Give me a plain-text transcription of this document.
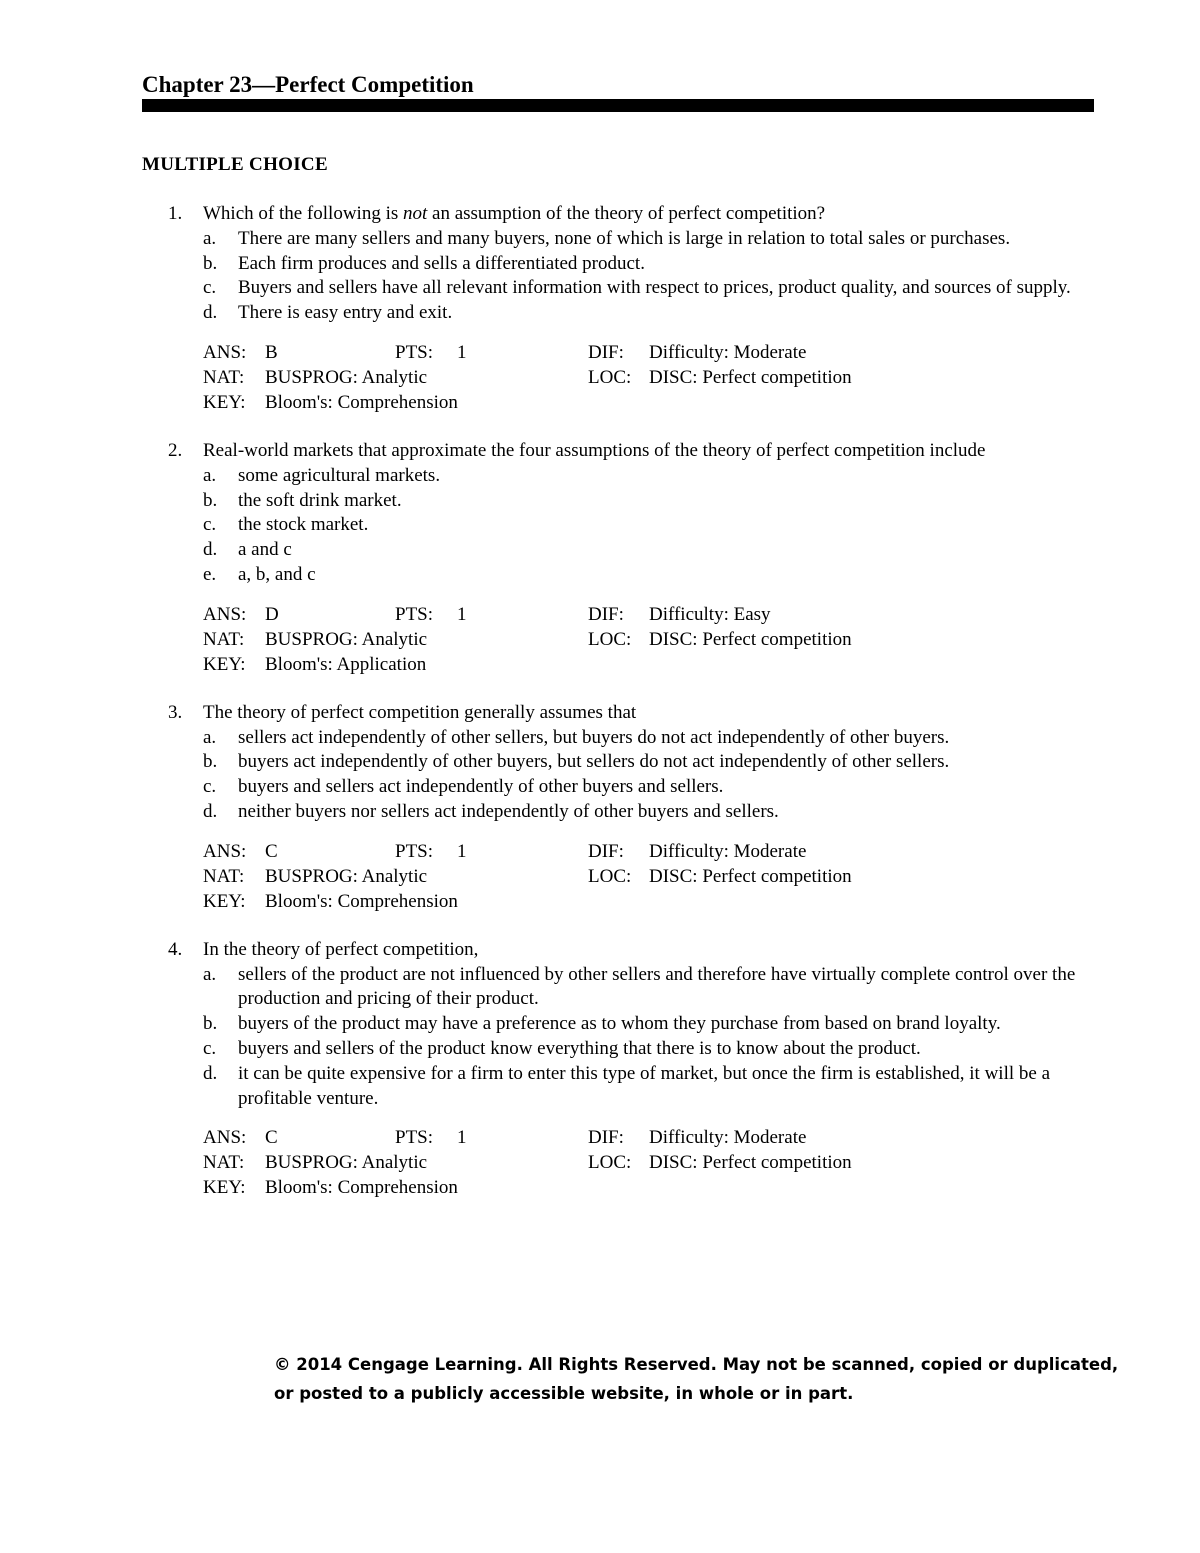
Chapter 23—Perfect Competition
MULTIPLE CHOICE
1. Which of the following is not an assumption of the theory of perfect competition?
a. There are many sellers and many buyers, none of which is large in relation to total sales or purchases.
b. Each firm produces and sells a differentiated product.
c. Buyers and sellers have all relevant information with respect to prices, product quality, and sources of supply.
d. There is easy entry and exit.
ANS: B	PTS: 1	DIF: Difficulty: Moderate
NAT: BUSPROG: Analytic	LOC: DISC: Perfect competition
KEY: Bloom's: Comprehension
2. Real-world markets that approximate the four assumptions of the theory of perfect competition include
a. some agricultural markets.
b. the soft drink market.
c. the stock market.
d. a and c
e. a, b, and c
ANS: D	PTS: 1	DIF: Difficulty: Easy
NAT: BUSPROG: Analytic	LOC: DISC: Perfect competition
KEY: Bloom's: Application
3. The theory of perfect competition generally assumes that
a. sellers act independently of other sellers, but buyers do not act independently of other buyers.
b. buyers act independently of other buyers, but sellers do not act independently of other sellers.
c. buyers and sellers act independently of other buyers and sellers.
d. neither buyers nor sellers act independently of other buyers and sellers.
ANS: C	PTS: 1	DIF: Difficulty: Moderate
NAT: BUSPROG: Analytic	LOC: DISC: Perfect competition
KEY: Bloom's: Comprehension
4. In the theory of perfect competition,
a. sellers of the product are not influenced by other sellers and therefore have virtually complete control over the production and pricing of their product.
b. buyers of the product may have a preference as to whom they purchase from based on brand loyalty.
c. buyers and sellers of the product know everything that there is to know about the product.
d. it can be quite expensive for a firm to enter this type of market, but once the firm is established, it will be a profitable venture.
ANS: C	PTS: 1	DIF: Difficulty: Moderate
NAT: BUSPROG: Analytic	LOC: DISC: Perfect competition
KEY: Bloom's: Comprehension
© 2014 Cengage Learning. All Rights Reserved. May not be scanned, copied or duplicated,
or posted to a publicly accessible website, in whole or in part.
